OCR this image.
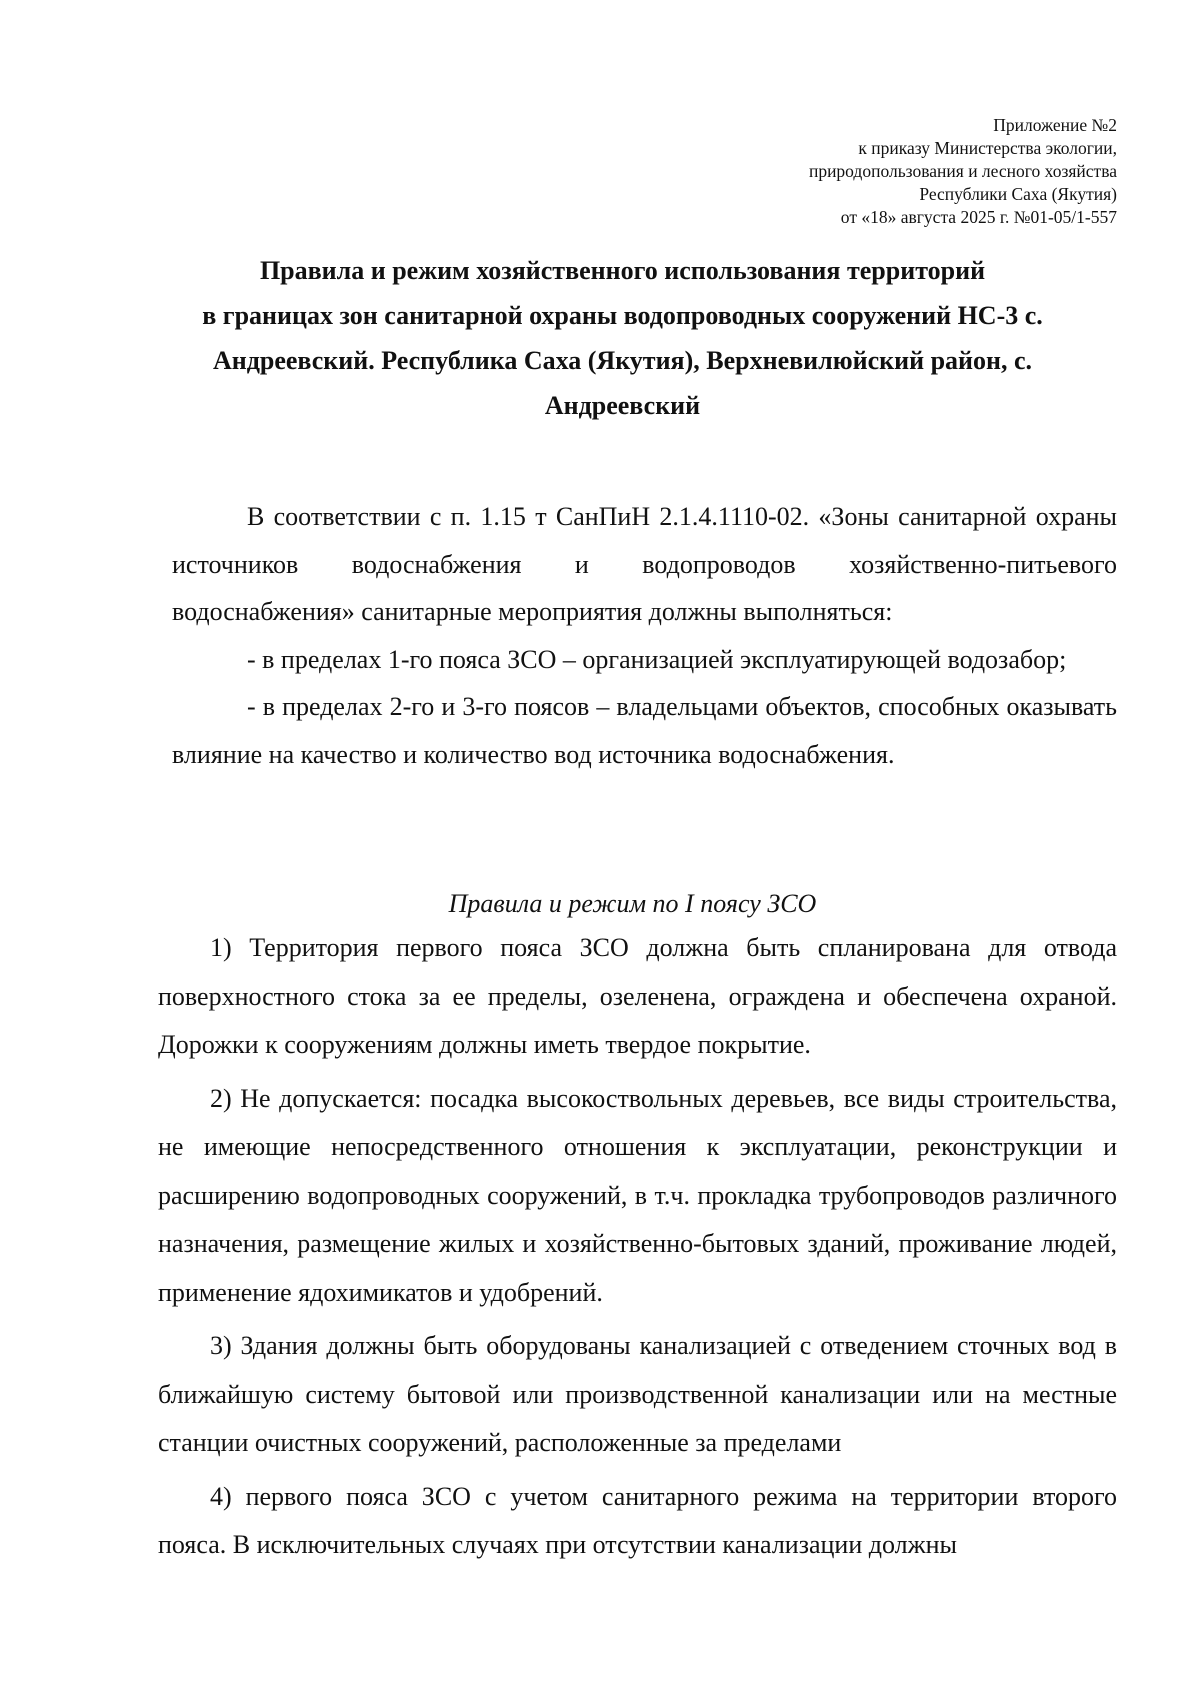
Приложение №2
к приказу Министерства экологии,
природопользования и лесного хозяйства
Республики Саха (Якутия)
от «18» августа 2025 г. №01-05/1-557
Правила и режим хозяйственного использования территорий
в границах зон санитарной охраны водопроводных сооружений НС-3 с.
Андреевский. Республика Саха (Якутия), Верхневилюйский район, с.
Андреевский

В соответствии с п. 1.15 т СанПиН 2.1.4.1110-02. «Зоны санитарной охраны источников водоснабжения и водопроводов хозяйственно-питьевого водоснабжения» санитарные мероприятия должны выполняться:

- в пределах 1-го пояса ЗСО – организацией эксплуатирующей водозабор;

- в пределах 2-го и 3-го поясов – владельцами объектов, способных оказывать влияние на качество и количество вод источника водоснабжения.

Правила и режим по I поясу ЗСО

1) Территория первого пояса ЗСО должна быть спланирована для отвода поверхностного стока за ее пределы, озеленена, ограждена и обеспечена охраной. Дорожки к сооружениям должны иметь твердое покрытие.

2) Не допускается: посадка высокоствольных деревьев, все виды строительства, не имеющие непосредственного отношения к эксплуатации, реконструкции и расширению водопроводных сооружений, в т.ч. прокладка трубопроводов различного назначения, размещение жилых и хозяйственно-бытовых зданий, проживание людей, применение ядохимикатов и удобрений.

3) Здания должны быть оборудованы канализацией с отведением сточных вод в ближайшую систему бытовой или производственной канализации или на местные станции очистных сооружений, расположенные за пределами

4) первого пояса ЗСО с учетом санитарного режима на территории второго пояса. В исключительных случаях при отсутствии канализации должны
